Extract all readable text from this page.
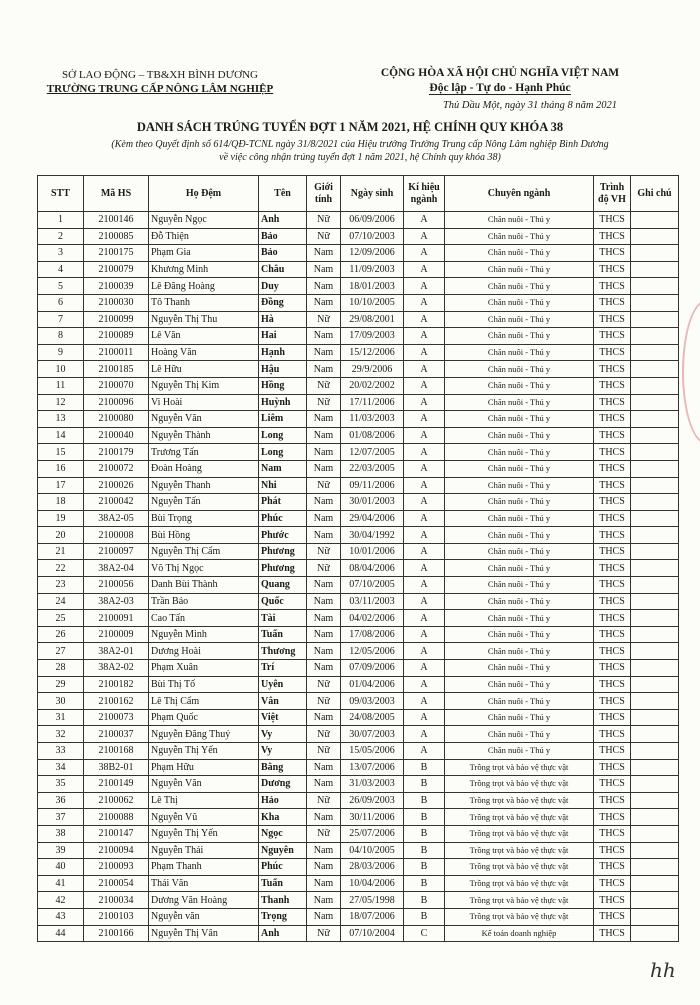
SỞ LAO ĐỘNG – TB&XH BÌNH DƯƠNG
TRƯỜNG TRUNG CẤP NÔNG LÂM NGHIỆP
CỘNG HÒA XÃ HỘI CHỦ NGHĨA VIỆT NAM
Độc lập - Tự do - Hạnh Phúc
Thủ Dầu Một, ngày 31 tháng 8 năm 2021
DANH SÁCH TRÚNG TUYỂN ĐỢT 1 NĂM 2021, HỆ CHÍNH QUY KHÓA 38
(Kèm theo Quyết định số 614/QĐ-TCNL ngày 31/8/2021 của Hiệu trưởng Trường Trung cấp Nông Lâm nghiệp Bình Dương
về việc công nhận trúng tuyển đợt 1 năm 2021, hệ Chính quy khóa 38)
STT	Mã HS	Họ Đệm	Tên	Giới tính	Ngày sinh	Kí hiệu ngành	Chuyên ngành	Trình độ VH	Ghi chú
1	2100146	Nguyễn Ngọc	Anh	Nữ	06/09/2006	A	Chăn nuôi - Thú y	THCS	
2	2100085	Đỗ Thiện	Bảo	Nữ	07/10/2003	A	Chăn nuôi - Thú y	THCS	
3	2100175	Phạm Gia	Bảo	Nam	12/09/2006	A	Chăn nuôi - Thú y	THCS	
4	2100079	Khương Minh	Châu	Nam	11/09/2003	A	Chăn nuôi - Thú y	THCS	
5	2100039	Lê Đăng Hoàng	Duy	Nam	18/01/2003	A	Chăn nuôi - Thú y	THCS	
6	2100030	Tô Thanh	Đồng	Nam	10/10/2005	A	Chăn nuôi - Thú y	THCS	
7	2100099	Nguyễn Thị Thu	Hà	Nữ	29/08/2001	A	Chăn nuôi - Thú y	THCS	
8	2100089	Lê Văn	Hai	Nam	17/09/2003	A	Chăn nuôi - Thú y	THCS	
9	2100011	Hoàng Văn	Hạnh	Nam	15/12/2006	A	Chăn nuôi - Thú y	THCS	
10	2100185	Lê Hữu	Hậu	Nam	29/9/2006	A	Chăn nuôi - Thú y	THCS	
11	2100070	Nguyễn Thị Kim	Hồng	Nữ	20/02/2002	A	Chăn nuôi - Thú y	THCS	
12	2100096	Vi Hoài	Huỳnh	Nữ	17/11/2006	A	Chăn nuôi - Thú y	THCS	
13	2100080	Nguyễn Văn	Liêm	Nam	11/03/2003	A	Chăn nuôi - Thú y	THCS	
14	2100040	Nguyễn Thành	Long	Nam	01/08/2006	A	Chăn nuôi - Thú y	THCS	
15	2100179	Trương Tấn	Long	Nam	12/07/2005	A	Chăn nuôi - Thú y	THCS	
16	2100072	Đoàn Hoàng	Nam	Nam	22/03/2005	A	Chăn nuôi - Thú y	THCS	
17	2100026	Nguyễn Thanh	Nhi	Nữ	09/11/2006	A	Chăn nuôi - Thú y	THCS	
18	2100042	Nguyễn Tấn	Phát	Nam	30/01/2003	A	Chăn nuôi - Thú y	THCS	
19	38A2-05	Bùi Trọng	Phúc	Nam	29/04/2006	A	Chăn nuôi - Thú y	THCS	
20	2100008	Bùi Hồng	Phước	Nam	30/04/1992	A	Chăn nuôi - Thú y	THCS	
21	2100097	Nguyễn Thị Cẩm	Phương	Nữ	10/01/2006	A	Chăn nuôi - Thú y	THCS	
22	38A2-04	Võ Thị Ngọc	Phương	Nữ	08/04/2006	A	Chăn nuôi - Thú y	THCS	
23	2100056	Danh Bùi Thành	Quang	Nam	07/10/2005	A	Chăn nuôi - Thú y	THCS	
24	38A2-03	Trần Bảo	Quốc	Nam	03/11/2003	A	Chăn nuôi - Thú y	THCS	
25	2100091	Cao Tấn	Tài	Nam	04/02/2006	A	Chăn nuôi - Thú y	THCS	
26	2100009	Nguyễn Minh	Tuấn	Nam	17/08/2006	A	Chăn nuôi - Thú y	THCS	
27	38A2-01	Dương Hoài	Thương	Nam	12/05/2006	A	Chăn nuôi - Thú y	THCS	
28	38A2-02	Phạm Xuân	Trí	Nam	07/09/2006	A	Chăn nuôi - Thú y	THCS	
29	2100182	Bùi Thị Tố	Uyên	Nữ	01/04/2006	A	Chăn nuôi - Thú y	THCS	
30	2100162	Lê Thị Cẩm	Vân	Nữ	09/03/2003	A	Chăn nuôi - Thú y	THCS	
31	2100073	Phạm Quốc	Việt	Nam	24/08/2005	A	Chăn nuôi - Thú y	THCS	
32	2100037	Nguyễn Đăng Thuý	Vy	Nữ	30/07/2003	A	Chăn nuôi - Thú y	THCS	
33	2100168	Nguyễn Thị Yến	Vy	Nữ	15/05/2006	A	Chăn nuôi - Thú y	THCS	
34	38B2-01	Phạm Hữu	Bằng	Nam	13/07/2006	B	Trồng trọt và bảo vệ thực vật	THCS	
35	2100149	Nguyễn Văn	Dương	Nam	31/03/2003	B	Trồng trọt và bảo vệ thực vật	THCS	
36	2100062	Lê Thị	Hảo	Nữ	26/09/2003	B	Trồng trọt và bảo vệ thực vật	THCS	
37	2100088	Nguyễn Vũ	Kha	Nam	30/11/2006	B	Trồng trọt và bảo vệ thực vật	THCS	
38	2100147	Nguyễn Thị Yến	Ngọc	Nữ	25/07/2006	B	Trồng trọt và bảo vệ thực vật	THCS	
39	2100094	Nguyễn Thái	Nguyên	Nam	04/10/2005	B	Trồng trọt và bảo vệ thực vật	THCS	
40	2100093	Phạm Thanh	Phúc	Nam	28/03/2006	B	Trồng trọt và bảo vệ thực vật	THCS	
41	2100054	Thái Văn	Tuấn	Nam	10/04/2006	B	Trồng trọt và bảo vệ thực vật	THCS	
42	2100034	Dương Văn Hoàng	Thanh	Nam	27/05/1998	B	Trồng trọt và bảo vệ thực vật	THCS	
43	2100103	Nguyễn văn	Trọng	Nam	18/07/2006	B	Trồng trọt và bảo vệ thực vật	THCS	
44	2100166	Nguyễn Thị Vân	Anh	Nữ	07/10/2004	C	Kế toán doanh nghiệp	THCS	
hh
